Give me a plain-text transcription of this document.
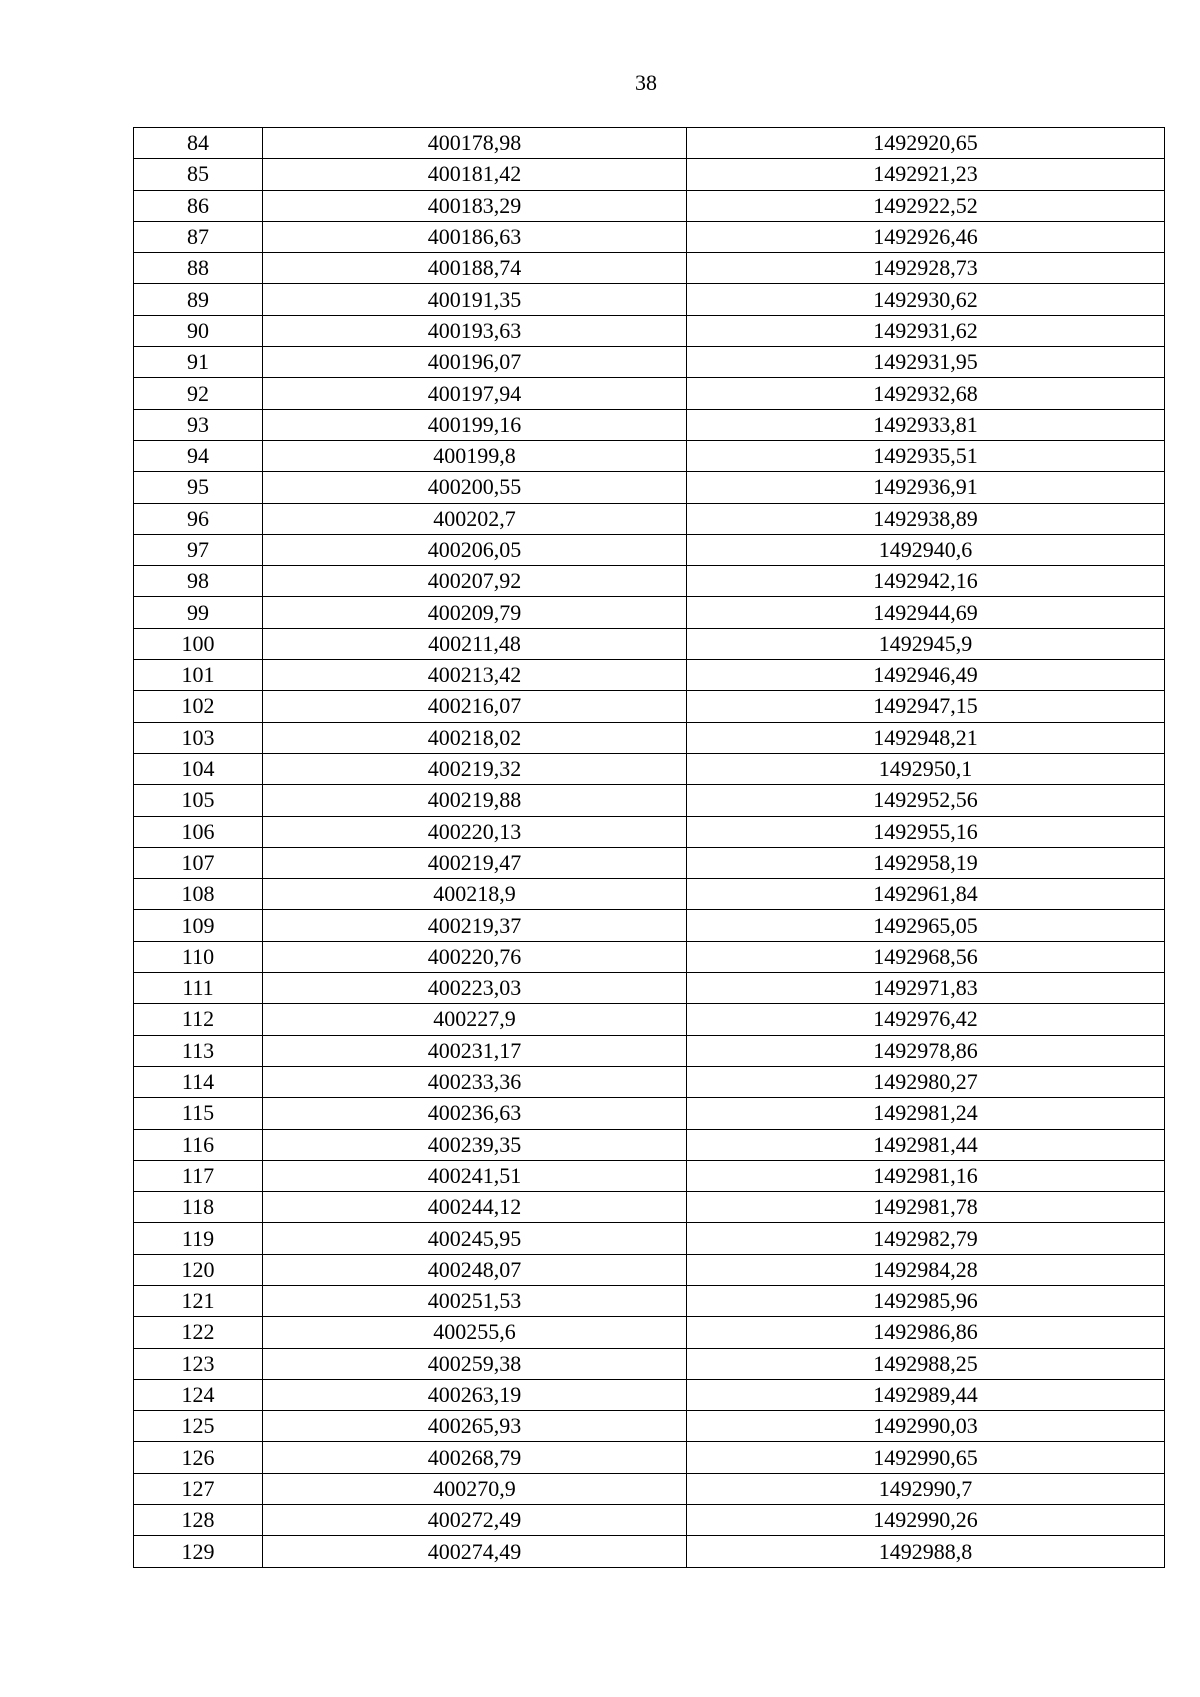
38
84	400178,98	1492920,65
85	400181,42	1492921,23
86	400183,29	1492922,52
87	400186,63	1492926,46
88	400188,74	1492928,73
89	400191,35	1492930,62
90	400193,63	1492931,62
91	400196,07	1492931,95
92	400197,94	1492932,68
93	400199,16	1492933,81
94	400199,8	1492935,51
95	400200,55	1492936,91
96	400202,7	1492938,89
97	400206,05	1492940,6
98	400207,92	1492942,16
99	400209,79	1492944,69
100	400211,48	1492945,9
101	400213,42	1492946,49
102	400216,07	1492947,15
103	400218,02	1492948,21
104	400219,32	1492950,1
105	400219,88	1492952,56
106	400220,13	1492955,16
107	400219,47	1492958,19
108	400218,9	1492961,84
109	400219,37	1492965,05
110	400220,76	1492968,56
111	400223,03	1492971,83
112	400227,9	1492976,42
113	400231,17	1492978,86
114	400233,36	1492980,27
115	400236,63	1492981,24
116	400239,35	1492981,44
117	400241,51	1492981,16
118	400244,12	1492981,78
119	400245,95	1492982,79
120	400248,07	1492984,28
121	400251,53	1492985,96
122	400255,6	1492986,86
123	400259,38	1492988,25
124	400263,19	1492989,44
125	400265,93	1492990,03
126	400268,79	1492990,65
127	400270,9	1492990,7
128	400272,49	1492990,26
129	400274,49	1492988,8
